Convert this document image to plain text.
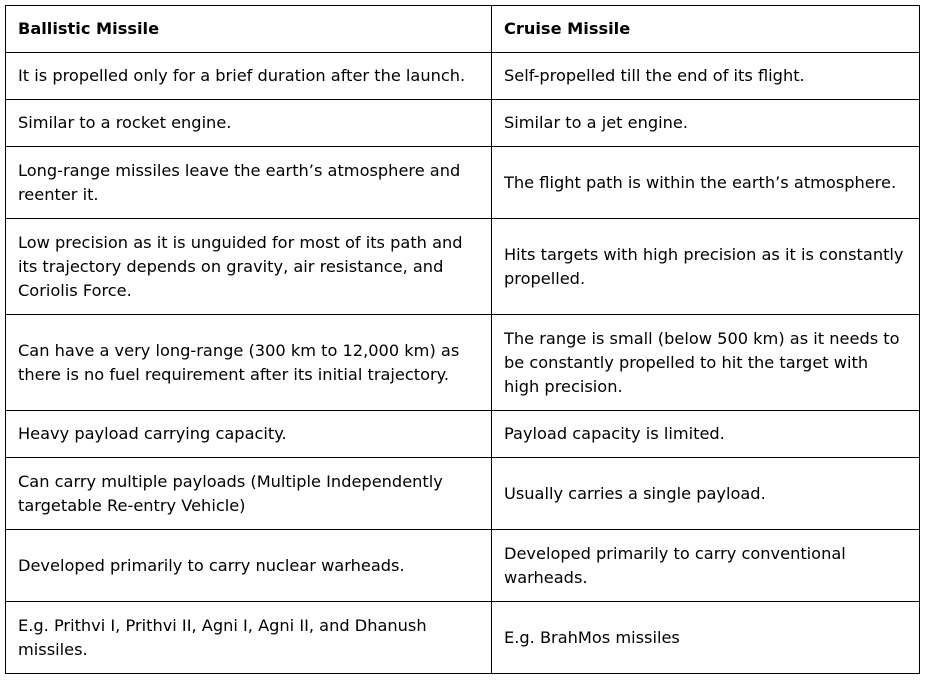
Ballistic Missile	Cruise Missile
It is propelled only for a brief duration after the launch.	Self-propelled till the end of its flight.
Similar to a rocket engine.	Similar to a jet engine.
Long-range missiles leave the earth’s atmosphere and reenter it.	The flight path is within the earth’s atmosphere.
Low precision as it is unguided for most of its path and its trajectory depends on gravity, air resistance, and Coriolis Force.	Hits targets with high precision as it is constantly propelled.
Can have a very long-range (300 km to 12,000 km) as there is no fuel requirement after its initial trajectory.	The range is small (below 500 km) as it needs to be constantly propelled to hit the target with high precision.
Heavy payload carrying capacity.	Payload capacity is limited.
Can carry multiple payloads (Multiple Independently targetable Re-entry Vehicle)	Usually carries a single payload.
Developed primarily to carry nuclear warheads.	Developed primarily to carry conventional warheads.
E.g. Prithvi I, Prithvi II, Agni I, Agni II, and Dhanush missiles.	E.g. BrahMos missiles
